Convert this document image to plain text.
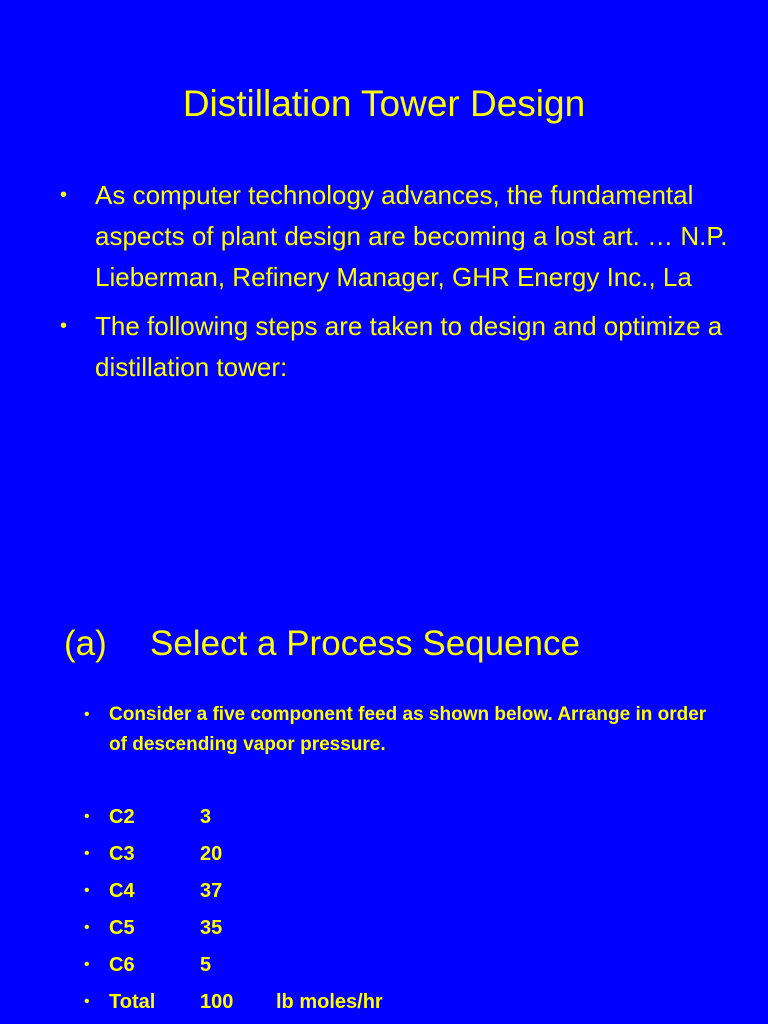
Distillation Tower Design
•	As computer technology advances, the fundamental aspects of plant design are becoming a lost art. … N.P. Lieberman, Refinery Manager, GHR Energy Inc., La
•	The following steps are taken to design and optimize a distillation tower:
(a) Select a Process Sequence
•	Consider a five component feed as shown below. Arrange in order of descending vapor pressure.
• C2	3
• C3	20
• C4	37
• C5	35
• C6	5
• Total 100 lb moles/hr
